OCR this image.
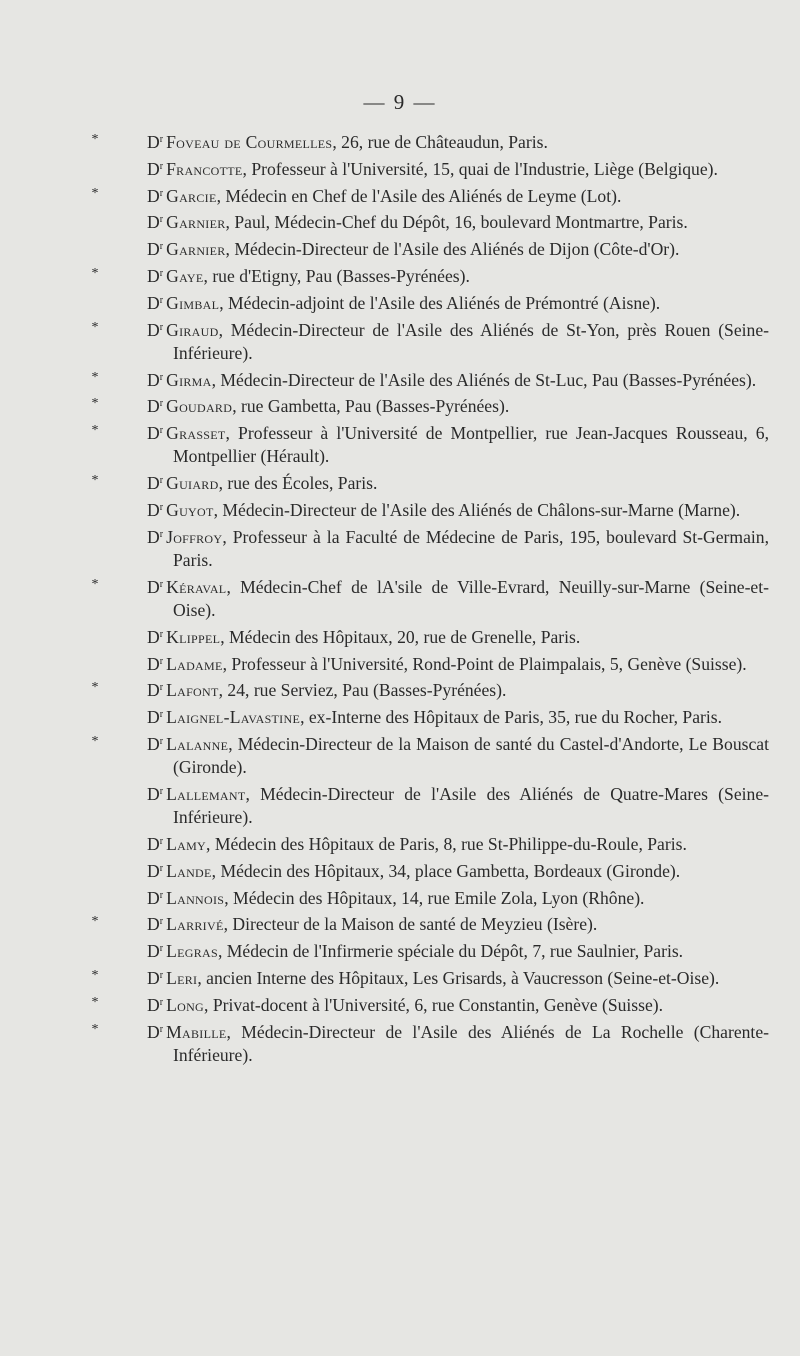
— 9 —
*	$D^r$ Foveau de Courmelles, 26, rue de Châteaudun, Paris.
$D^r$ Francotte, Professeur à l'Université, 15, quai de l'Industrie, Liège (Belgique).
*	$D^r$ Garcie, Médecin en Chef de l'Asile des Aliénés de Leyme (Lot).
$D^r$ Garnier, Paul, Médecin-Chef du Dépôt, 16, boulevard Montmartre, Paris.
$D^r$ Garnier, Médecin-Directeur de l'Asile des Aliénés de Dijon (Côte-d'Or).
*	$D^r$ Gaye, rue d'Etigny, Pau (Basses-Pyrénées).
$D^r$ Gimbal, Médecin-adjoint de l'Asile des Aliénés de Prémontré (Aisne).
*	$D^r$ Giraud, Médecin-Directeur de l'Asile des Aliénés de St-Yon, près Rouen (Seine-Inférieure).
*	$D^r$ Girma, Médecin-Directeur de l'Asile des Aliénés de St-Luc, Pau (Basses-Pyrénées).
*	$D^r$ Goudard, rue Gambetta, Pau (Basses-Pyrénées).
*	$D^r$ Grasset, Professeur à l'Université de Montpellier, rue Jean-Jacques Rousseau, 6, Montpellier (Hérault).
*	$D^r$ Guiard, rue des Écoles, Paris.
$D^r$ Guyot, Médecin-Directeur de l'Asile des Aliénés de Châlons-sur-Marne (Marne).
$D^r$ Joffroy, Professeur à la Faculté de Médecine de Paris, 195, boulevard St-Germain, Paris.
*	$D^r$ Kéraval, Médecin-Chef de lA'sile de Ville-Evrard, Neuilly-sur-Marne (Seine-et-Oise).
$D^r$ Klippel, Médecin des Hôpitaux, 20, rue de Grenelle, Paris.
$D^r$ Ladame, Professeur à l'Université, Rond-Point de Plaimpalais, 5, Genève (Suisse).
*	$D^r$ Lafont, 24, rue Serviez, Pau (Basses-Pyrénées).
$D^r$ Laignel-Lavastine, ex-Interne des Hôpitaux de Paris, 35, rue du Rocher, Paris.
*	$D^r$ Lalanne, Médecin-Directeur de la Maison de santé du Castel-d'Andorte, Le Bouscat (Gironde).
$D^r$ Lallemant, Médecin-Directeur de l'Asile des Aliénés de Quatre-Mares (Seine-Inférieure).
$D^r$ Lamy, Médecin des Hôpitaux de Paris, 8, rue St-Philippe-du-Roule, Paris.
$D^r$ Lande, Médecin des Hôpitaux, 34, place Gambetta, Bordeaux (Gironde).
$D^r$ Lannois, Médecin des Hôpitaux, 14, rue Emile Zola, Lyon (Rhône).
*	$D^r$ Larrivé, Directeur de la Maison de santé de Meyzieu (Isère).
$D^r$ Legras, Médecin de l'Infirmerie spéciale du Dépôt, 7, rue Saulnier, Paris.
*	$D^r$ Leri, ancien Interne des Hôpitaux, Les Grisards, à Vaucresson (Seine-et-Oise).
*	$D^r$ Long, Privat-docent à l'Université, 6, rue Constantin, Genève (Suisse).
*	$D^r$ Mabille, Médecin-Directeur de l'Asile des Aliénés de La Rochelle (Charente-Inférieure).
